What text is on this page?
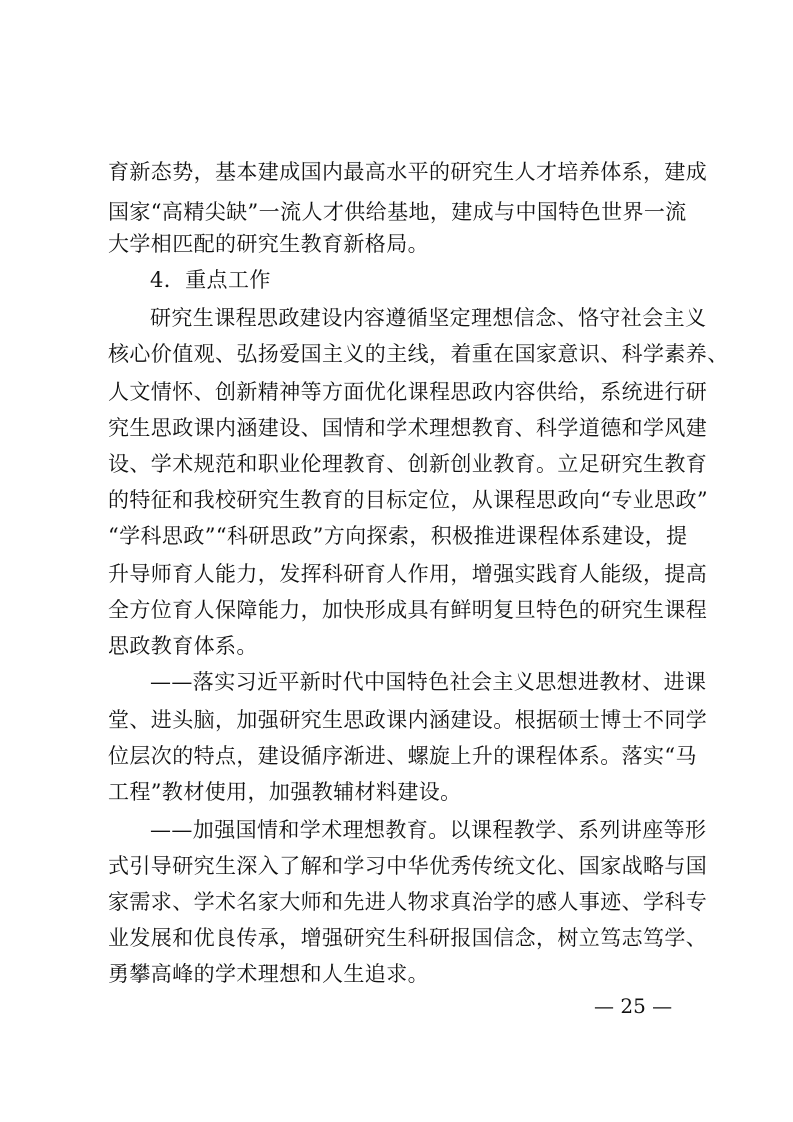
育新态势，基本建成国内最高水平的研究生人才培养体系，建成
国家“高精尖缺”一流人才供给基地，建成与中国特色世界一流
大学相匹配的研究生教育新格局。
4．重点工作
研究生课程思政建设内容遵循坚定理想信念、恪守社会主义
核心价值观、弘扬爱国主义的主线，着重在国家意识、科学素养、
人文情怀、创新精神等方面优化课程思政内容供给，系统进行研
究生思政课内涵建设、国情和学术理想教育、科学道德和学风建
设、学术规范和职业伦理教育、创新创业教育。立足研究生教育
的特征和我校研究生教育的目标定位，从课程思政向“专业思政”
“学科思政”“科研思政”方向探索，积极推进课程体系建设，提
升导师育人能力，发挥科研育人作用，增强实践育人能级，提高
全方位育人保障能力，加快形成具有鲜明复旦特色的研究生课程
思政教育体系。
——落实习近平新时代中国特色社会主义思想进教材、进课
堂、进头脑，加强研究生思政课内涵建设。根据硕士博士不同学
位层次的特点，建设循序渐进、螺旋上升的课程体系。落实“马
工程”教材使用，加强教辅材料建设。
——加强国情和学术理想教育。以课程教学、系列讲座等形
式引导研究生深入了解和学习中华优秀传统文化、国家战略与国
家需求、学术名家大师和先进人物求真治学的感人事迹、学科专
业发展和优良传承，增强研究生科研报国信念，树立笃志笃学、
勇攀高峰的学术理想和人生追求。
— 25 —
